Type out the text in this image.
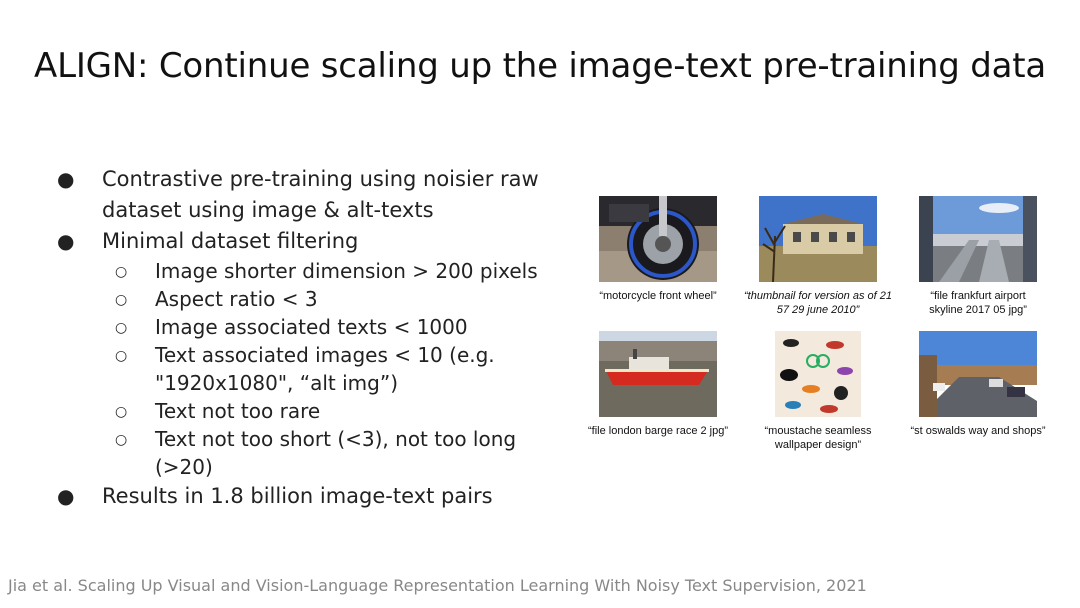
ALIGN: Continue scaling up the image-text pre-training data
● Contrastive pre-training using noisier raw
dataset using image & alt-texts
● Minimal dataset filtering
○ Image shorter dimension > 200 pixels
○ Aspect ratio < 3
○ Image associated texts < 1000
○ Text associated images < 10 (e.g.
"1920x1080", “alt img”)
○ Text not too rare
○ Text not too short (<3), not too long (>20)
● Results in 1.8 billion image-text pairs
“motorcycle front wheel”	“thumbnail for version as of 21
57 29 june 2010”
“file frankfurt airport
skyline 2017 05 jpg”
“file london barge race 2 jpg”	“moustache seamless
wallpaper design”
“st oswalds way and shops”
Jia et al. Scaling Up Visual and Vision-Language Representation Learning With Noisy Text Supervision, 2021
